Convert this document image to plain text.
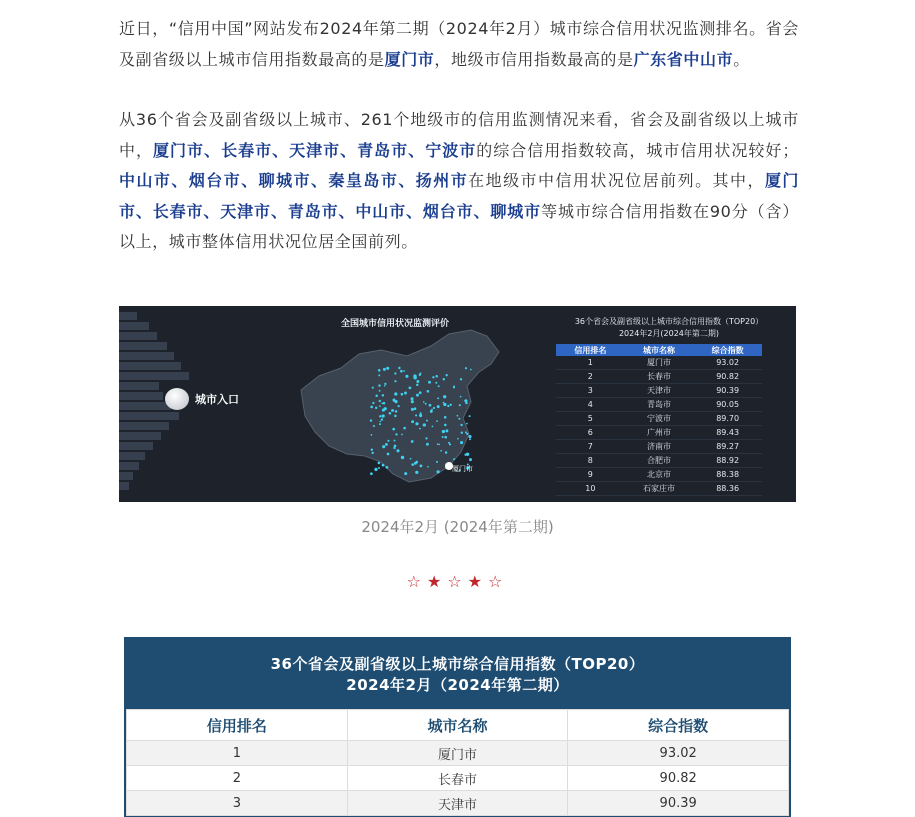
近日，“信用中国”网站发布2024年第二期（2024年2月）城市综合信用状况监测排名。省会及副省级以上城市信用指数最高的是厦门市，地级市信用指数最高的是广东省中山市。

从36个省会及副省级以上城市、261个地级市的信用监测情况来看，省会及副省级以上城市中，厦门市、长春市、天津市、青岛市、宁波市的综合信用指数较高，城市信用状况较好；中山市、烟台市、聊城市、秦皇岛市、扬州市在地级市中信用状况位居前列。其中，厦门市、长春市、天津市、青岛市、中山市、烟台市、聊城市等城市综合信用指数在90分（含）以上，城市整体信用状况位居全国前列。

全国城市信用状况监测评价
城市入口
厦门市
36个省会及副省级以上城市综合信用指数（TOP20）
2024年2月(2024年第二期)
信用排名	城市名称	综合指数
1	厦门市	93.02
2	长春市	90.82
3	天津市	90.39
4	青岛市	90.05
5	宁波市	89.70
6	广州市	89.43
7	济南市	89.27
8	合肥市	88.92
9	北京市	88.38
10	石家庄市	88.36
2024年2月 (2024年第二期)
☆★☆★☆
36个省会及副省级以上城市综合信用指数（TOP20）
2024年2月（2024年第二期）
信用排名	城市名称	综合指数
1	厦门市	93.02
2	长春市	90.82
3	天津市	90.39
